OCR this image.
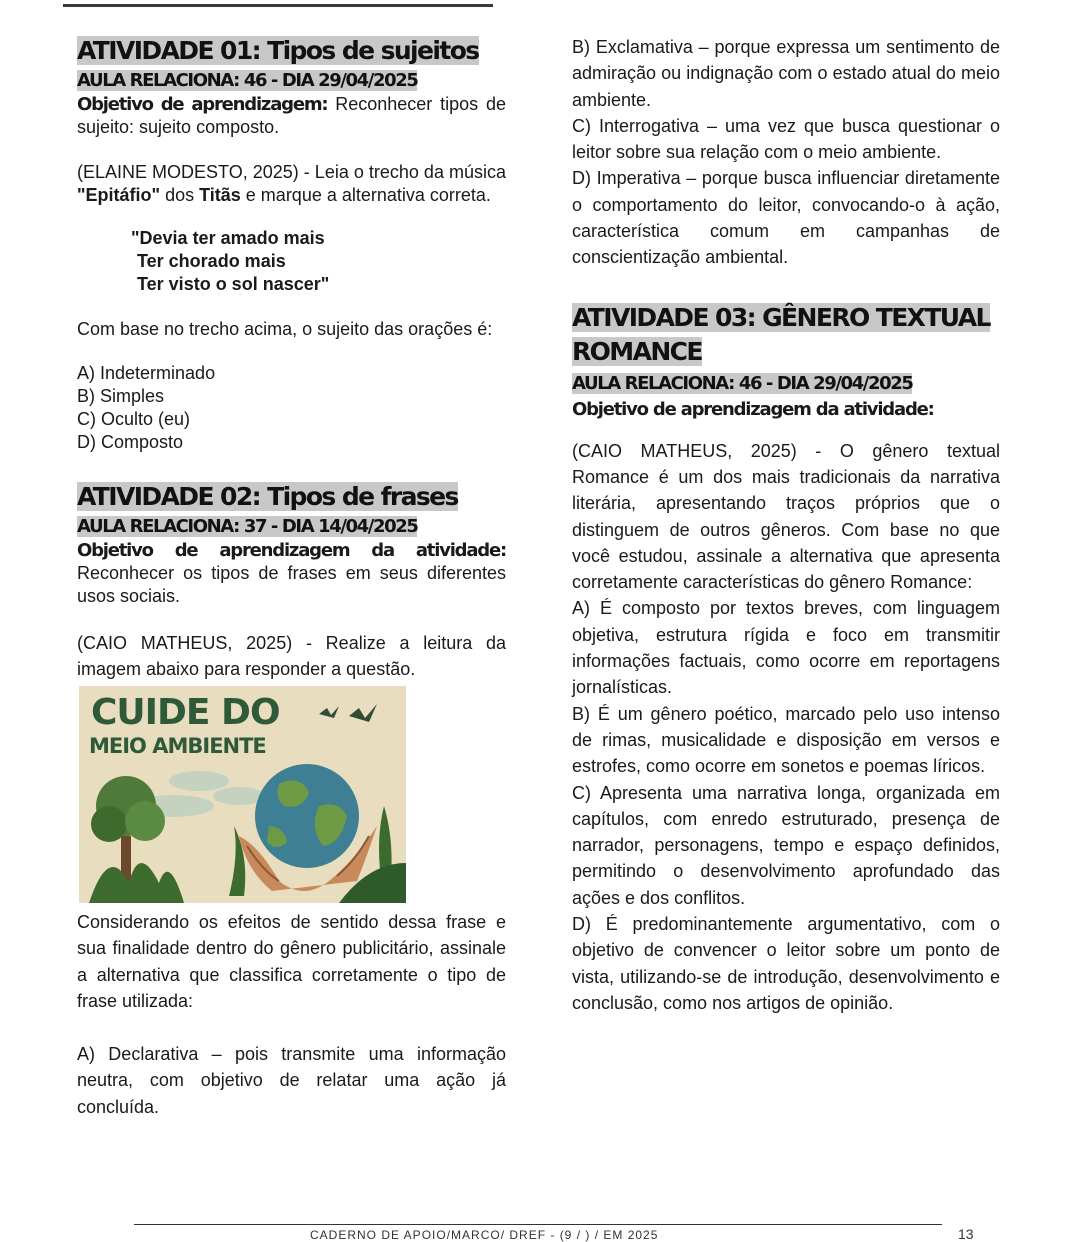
ATIVIDADE 01: Tipos de sujeitos
AULA RELACIONA: 46 - DIA 29/04/2025

Objetivo de aprendizagem: Reconhecer tipos de sujeito: sujeito composto.

(ELAINE MODESTO, 2025) - Leia o trecho da música "Epitáfio" dos Titãs e marque a alternativa correta.

"Devia ter amado mais
Ter chorado mais
Ter visto o sol nascer"

Com base no trecho acima, o sujeito das orações é:

A) Indeterminado
B) Simples
C) Oculto (eu)
D) Composto
ATIVIDADE 02: Tipos de frases
AULA RELACIONA: 37 - DIA 14/04/2025

Objetivo de aprendizagem da atividade: Reconhecer os tipos de frases em seus diferentes usos sociais.

(CAIO MATHEUS, 2025) - Realize a leitura da imagem abaixo para responder a questão.

CUIDE DO
MEIO AMBIENTE

Considerando os efeitos de sentido dessa frase e sua finalidade dentro do gênero publicitário, assinale a alternativa que classifica corretamente o tipo de frase utilizada:

A) Declarativa – pois transmite uma informação neutra, com objetivo de relatar uma ação já concluída.

B) Exclamativa – porque expressa um sentimento de admiração ou indignação com o estado atual do meio ambiente.

C) Interrogativa – uma vez que busca questionar o leitor sobre sua relação com o meio ambiente.

D) Imperativa – porque busca influenciar diretamente o comportamento do leitor, convocando-o à ação, característica comum em campanhas de conscientização ambiental.

ATIVIDADE 03: GÊNERO TEXTUAL
ROMANCE
AULA RELACIONA: 46 - DIA 29/04/2025
Objetivo de aprendizagem da atividade:

(CAIO MATHEUS, 2025) - O gênero textual Romance é um dos mais tradicionais da narrativa literária, apresentando traços próprios que o distinguem de outros gêneros. Com base no que você estudou, assinale a alternativa que apresenta corretamente características do gênero Romance:

A) É composto por textos breves, com linguagem objetiva, estrutura rígida e foco em transmitir informações factuais, como ocorre em reportagens jornalísticas.

B) É um gênero poético, marcado pelo uso intenso de rimas, musicalidade e disposição em versos e estrofes, como ocorre em sonetos e poemas líricos.

C) Apresenta uma narrativa longa, organizada em capítulos, com enredo estruturado, presença de narrador, personagens, tempo e espaço definidos, permitindo o desenvolvimento aprofundado das ações e dos conflitos.

D) É predominantemente argumentativo, com o objetivo de convencer o leitor sobre um ponto de vista, utilizando-se de introdução, desenvolvimento e conclusão, como nos artigos de opinião.

CADERNO DE APOIO/MARCO/ DREF - (9 / ) / EM 2025	13
